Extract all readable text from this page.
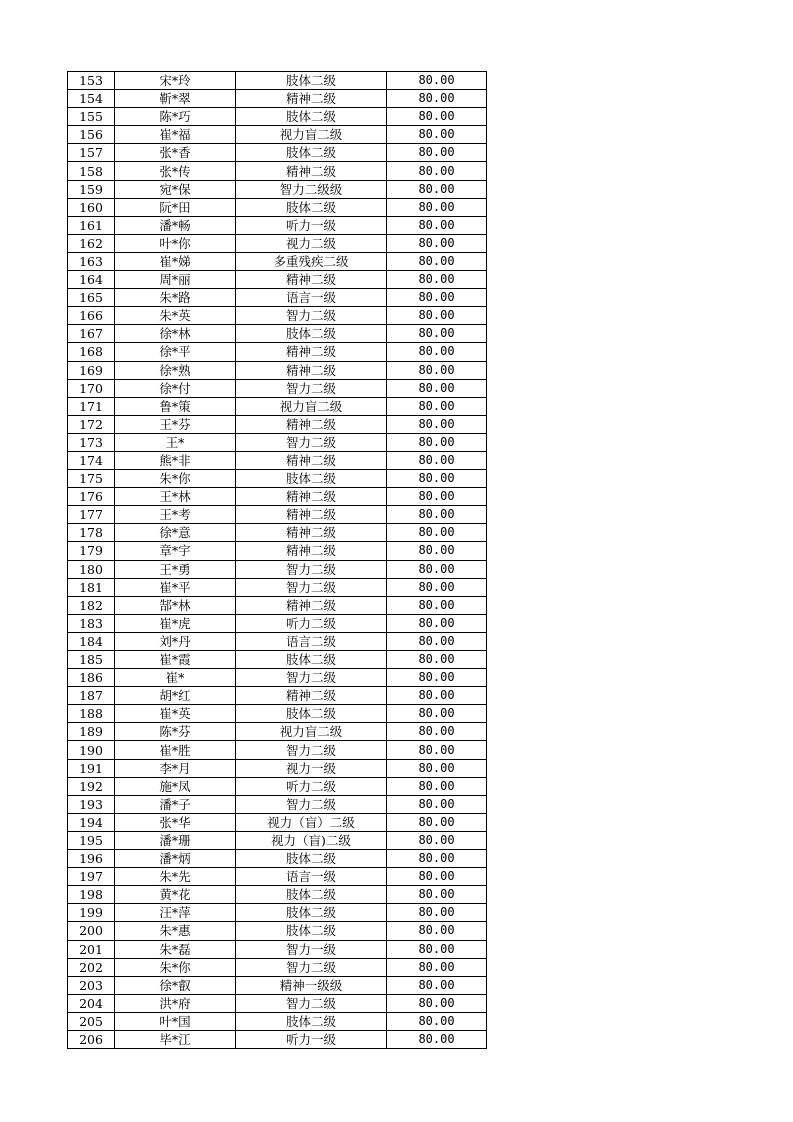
153	宋*玲	肢体二级	80.00
154	靳*翠	精神二级	80.00
155	陈*巧	肢体二级	80.00
156	崔*福	视力盲二级	80.00
157	张*香	肢体二级	80.00
158	张*传	精神二级	80.00
159	宛*保	智力二级级	80.00
160	阮*田	肢体二级	80.00
161	潘*畅	听力一级	80.00
162	叶*你	视力二级	80.00
163	崔*娣	多重残疾二级	80.00
164	周*丽	精神二级	80.00
165	朱*路	语言一级	80.00
166	朱*英	智力二级	80.00
167	徐*林	肢体二级	80.00
168	徐*平	精神二级	80.00
169	徐*熟	精神二级	80.00
170	徐*付	智力二级	80.00
171	鲁*策	视力盲二级	80.00
172	王*芬	精神二级	80.00
173	王*	智力二级	80.00
174	熊*非	精神二级	80.00
175	朱*你	肢体二级	80.00
176	王*林	精神二级	80.00
177	王*考	精神二级	80.00
178	徐*意	精神二级	80.00
179	章*宇	精神二级	80.00
180	王*勇	智力二级	80.00
181	崔*平	智力二级	80.00
182	郜*林	精神二级	80.00
183	崔*虎	听力二级	80.00
184	刘*丹	语言二级	80.00
185	崔*霞	肢体二级	80.00
186	崔*	智力二级	80.00
187	胡*红	精神二级	80.00
188	崔*英	肢体二级	80.00
189	陈*芬	视力盲二级	80.00
190	崔*胜	智力二级	80.00
191	李*月	视力一级	80.00
192	施*凤	听力二级	80.00
193	潘*子	智力二级	80.00
194	张*华	视力（盲）二级	80.00
195	潘*珊	视力（盲)二级	80.00
196	潘*炳	肢体二级	80.00
197	朱*先	语言一级	80.00
198	黄*花	肢体二级	80.00
199	汪*萍	肢体二级	80.00
200	朱*惠	肢体二级	80.00
201	朱*磊	智力一级	80.00
202	朱*你	智力二级	80.00
203	徐*叡	精神一级级	80.00
204	洪*府	智力二级	80.00
205	叶*国	肢体二级	80.00
206	毕*江	听力一级	80.00
